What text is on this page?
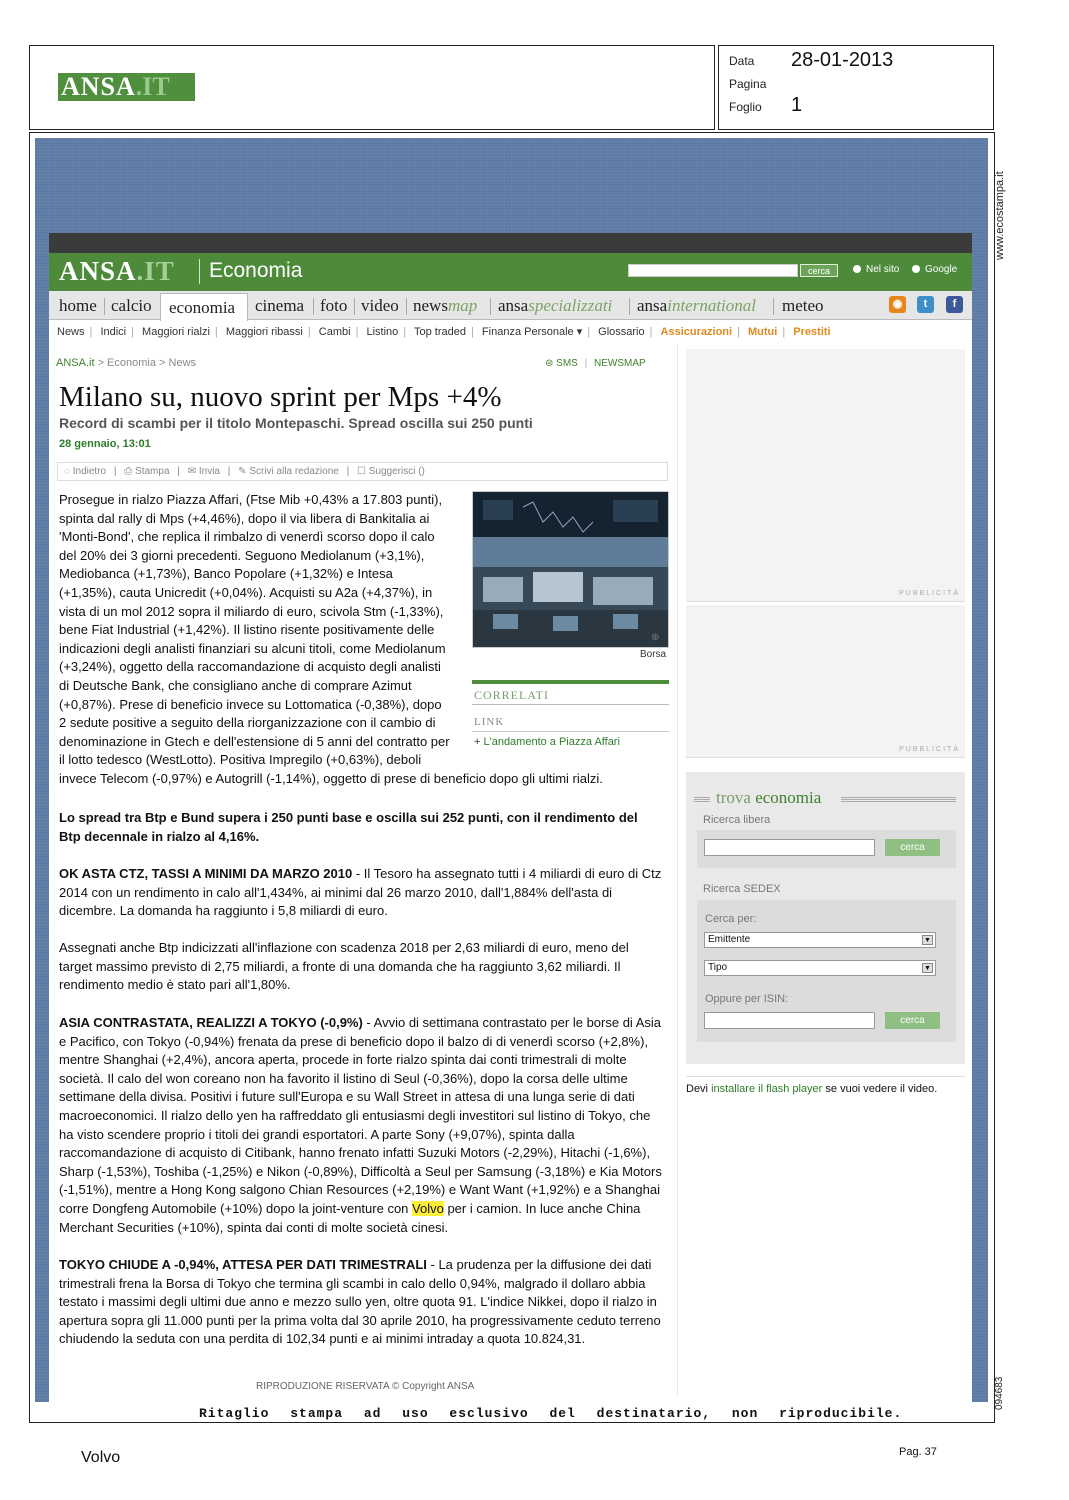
ANSA.IT
Data 28-01-2013
Pagina
Foglio 1
www.ecostampa.it
094683
ANSA.IT Economia	cerca	Nel sito	Google
home calcio economia cinema foto video newsmap ansaspecializzati ansainternational meteo	◉	t	f
News | Indici | Maggiori rialzi | Maggiori ribassi | Cambi | Listino | Top traded | Finanza Personale ▾ | Glossario | Assicurazioni | Mutui | Prestiti
ANSA.it > Economia > News	⊜ SMS | NEWSMAP
Milano su, nuovo sprint per Mps +4%
Record di scambi per il titolo Montepaschi. Spread oscilla sui 250 punti
28 gennaio, 13:01
◌ Indietro | ⎙ Stampa | ✉ Invia | ✎ Scrivi alla redazione | ☐ Suggerisci ()
⊕
Borsa
CORRELATI
LINK
+ L'andamento a Piazza Affari
Prosegue in rialzo Piazza Affari, (Ftse Mib +0,43% a 17.803 punti),
spinta dal rally di Mps (+4,46%), dopo il via libera di Bankitalia ai
'Monti-Bond', che replica il rimbalzo di venerdì scorso dopo il calo
del 20% dei 3 giorni precedenti. Seguono Mediolanum (+3,1%),
Mediobanca (+1,73%), Banco Popolare (+1,32%) e Intesa
(+1,35%), cauta Unicredit (+0,04%). Acquisti su A2a (+4,37%), in
vista di un mol 2012 sopra il miliardo di euro, scivola Stm (-1,33%),
bene Fiat Industrial (+1,42%). Il listino risente positivamente delle
indicazioni degli analisti finanziari su alcuni titoli, come Mediolanum
(+3,24%), oggetto della raccomandazione di acquisto degli analisti
di Deutsche Bank, che consigliano anche di comprare Azimut
(+0,87%). Prese di beneficio invece su Lottomatica (-0,38%), dopo
2 sedute positive a seguito della riorganizzazione con il cambio di
denominazione in Gtech e dell'estensione di 5 anni del contratto per
il lotto tedesco (WestLotto). Positiva Impregilo (+0,63%), deboli
invece Telecom (-0,97%) e Autogrill (-1,14%), oggetto di prese di beneficio dopo gli ultimi rialzi.
Lo spread tra Btp e Bund supera i 250 punti base e oscilla sui 252 punti, con il rendimento del Btp decennale in rialzo al 4,16%.
OK ASTA CTZ, TASSI A MINIMI DA MARZO 2010 - Il Tesoro ha assegnato tutti i 4 miliardi di euro di Ctz 2014 con un rendimento in calo all'1,434%, ai minimi dal 26 marzo 2010, dall'1,884% dell'asta di dicembre. La domanda ha raggiunto i 5,8 miliardi di euro.
Assegnati anche Btp indicizzati all'inflazione con scadenza 2018 per 2,63 miliardi di euro, meno del target massimo previsto di 2,75 miliardi, a fronte di una domanda che ha raggiunto 3,62 miliardi. Il rendimento medio è stato pari all'1,80%.
ASIA CONTRASTATA, REALIZZI A TOKYO (-0,9%) - Avvio di settimana contrastato per le borse di Asia e Pacifico, con Tokyo (-0,94%) frenata da prese di beneficio dopo il balzo di di venerdì scorso (+2,8%), mentre Shanghai (+2,4%), ancora aperta, procede in forte rialzo spinta dai conti trimestrali di molte società. Il calo del won coreano non ha favorito il listino di Seul (-0,36%), dopo la corsa delle ultime settimane della divisa. Positivi i future sull'Europa e su Wall Street in attesa di una lunga serie di dati macroeconomici. Il rialzo dello yen ha raffreddato gli entusiasmi degli investitori sul listino di Tokyo, che ha visto scendere proprio i titoli dei grandi esportatori. A parte Sony (+9,07%), spinta dalla raccomandazione di acquisto di Citibank, hanno frenato infatti Suzuki Motors (-2,29%), Hitachi (-1,6%), Sharp (-1,53%), Toshiba (-1,25%) e Nikon (-0,89%), Difficoltà a Seul per Samsung (-3,18%) e Kia Motors (-1,51%), mentre a Hong Kong salgono Chian Resources (+2,19%) e Want Want (+1,92%) e a Shanghai corre Dongfeng Automobile (+10%) dopo la joint-venture con Volvo per i camion. In luce anche China Merchant Securities (+10%), spinta dai conti di molte società cinesi.
TOKYO CHIUDE A -0,94%, ATTESA PER DATI TRIMESTRALI - La prudenza per la diffusione dei dati trimestrali frena la Borsa di Tokyo che termina gli scambi in calo dello 0,94%, malgrado il dollaro abbia testato i massimi degli ultimi due anno e mezzo sullo yen, oltre quota 91. L'indice Nikkei, dopo il rialzo in apertura sopra gli 11.000 punti per la prima volta dal 30 aprile 2010, ha progressivamente ceduto terreno chiudendo la seduta con una perdita di 102,34 punti e ai minimi intraday a quota 10.824,31.
RIPRODUZIONE RISERVATA © Copyright ANSA
PUBBLICITÀ
PUBBLICITÀ
trova economia
Ricerca libera
cerca
Ricerca SEDEX
Cerca per:
Emittente	▼
Tipo	▼
Oppure per ISIN:
cerca
Devi installare il flash player se vuoi vedere il video.
Ritaglio stampa ad uso esclusivo del destinatario, non riproducibile.
Volvo	Pag. 37
